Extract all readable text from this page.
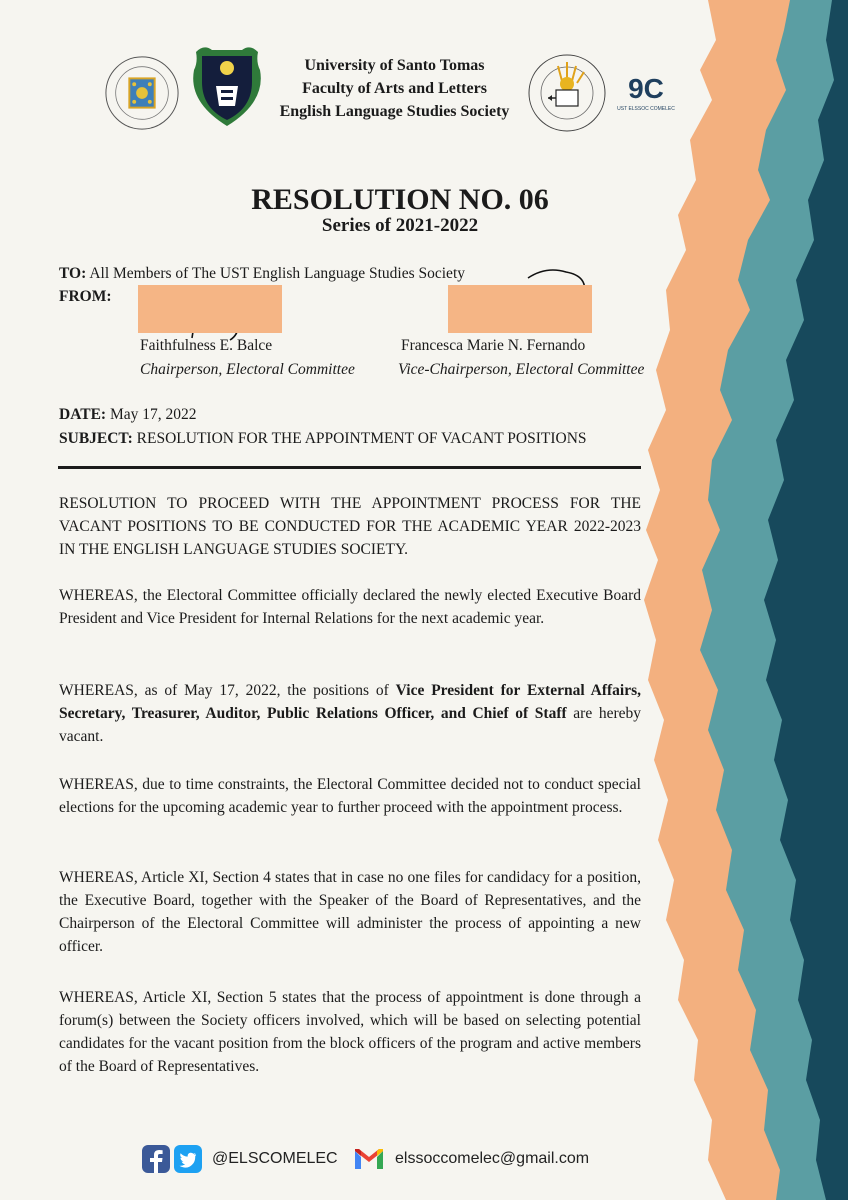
9C
UST ELSSOC COMELEC
University of Santo Tomas
Faculty of Arts and Letters
English Language Studies Society
RESOLUTION NO. 06
Series of 2021-2022
TO: All Members of The UST English Language Studies Society
FROM:
Faithfulness E. Balce
Chairperson, Electoral Committee
Francesca Marie N. Fernando
Vice-Chairperson, Electoral Committee
DATE: May 17, 2022
SUBJECT: RESOLUTION FOR THE APPOINTMENT OF VACANT POSITIONS
RESOLUTION TO PROCEED WITH THE APPOINTMENT PROCESS FOR THE VACANT POSITIONS TO BE CONDUCTED FOR THE ACADEMIC YEAR 2022-2023 IN THE ENGLISH LANGUAGE STUDIES SOCIETY.
WHEREAS, the Electoral Committee officially declared the newly elected Executive Board President and Vice President for Internal Relations for the next academic year.
WHEREAS, as of May 17, 2022, the positions of Vice President for External Affairs, Secretary, Treasurer, Auditor, Public Relations Officer, and Chief of Staff are hereby vacant.
WHEREAS, due to time constraints, the Electoral Committee decided not to conduct special elections for the upcoming academic year to further proceed with the appointment process.
WHEREAS, Article XI, Section 4 states that in case no one files for candidacy for a position, the Executive Board, together with the Speaker of the Board of Representatives, and the Chairperson of the Electoral Committee will administer the process of appointing a new officer.
WHEREAS, Article XI, Section 5 states that the process of appointment is done through a forum(s) between the Society officers involved, which will be based on selecting potential candidates for the vacant position from the block officers of the program and active members of the Board of Representatives.
@ELSCOMELEC	elssoccomelec@gmail.com
